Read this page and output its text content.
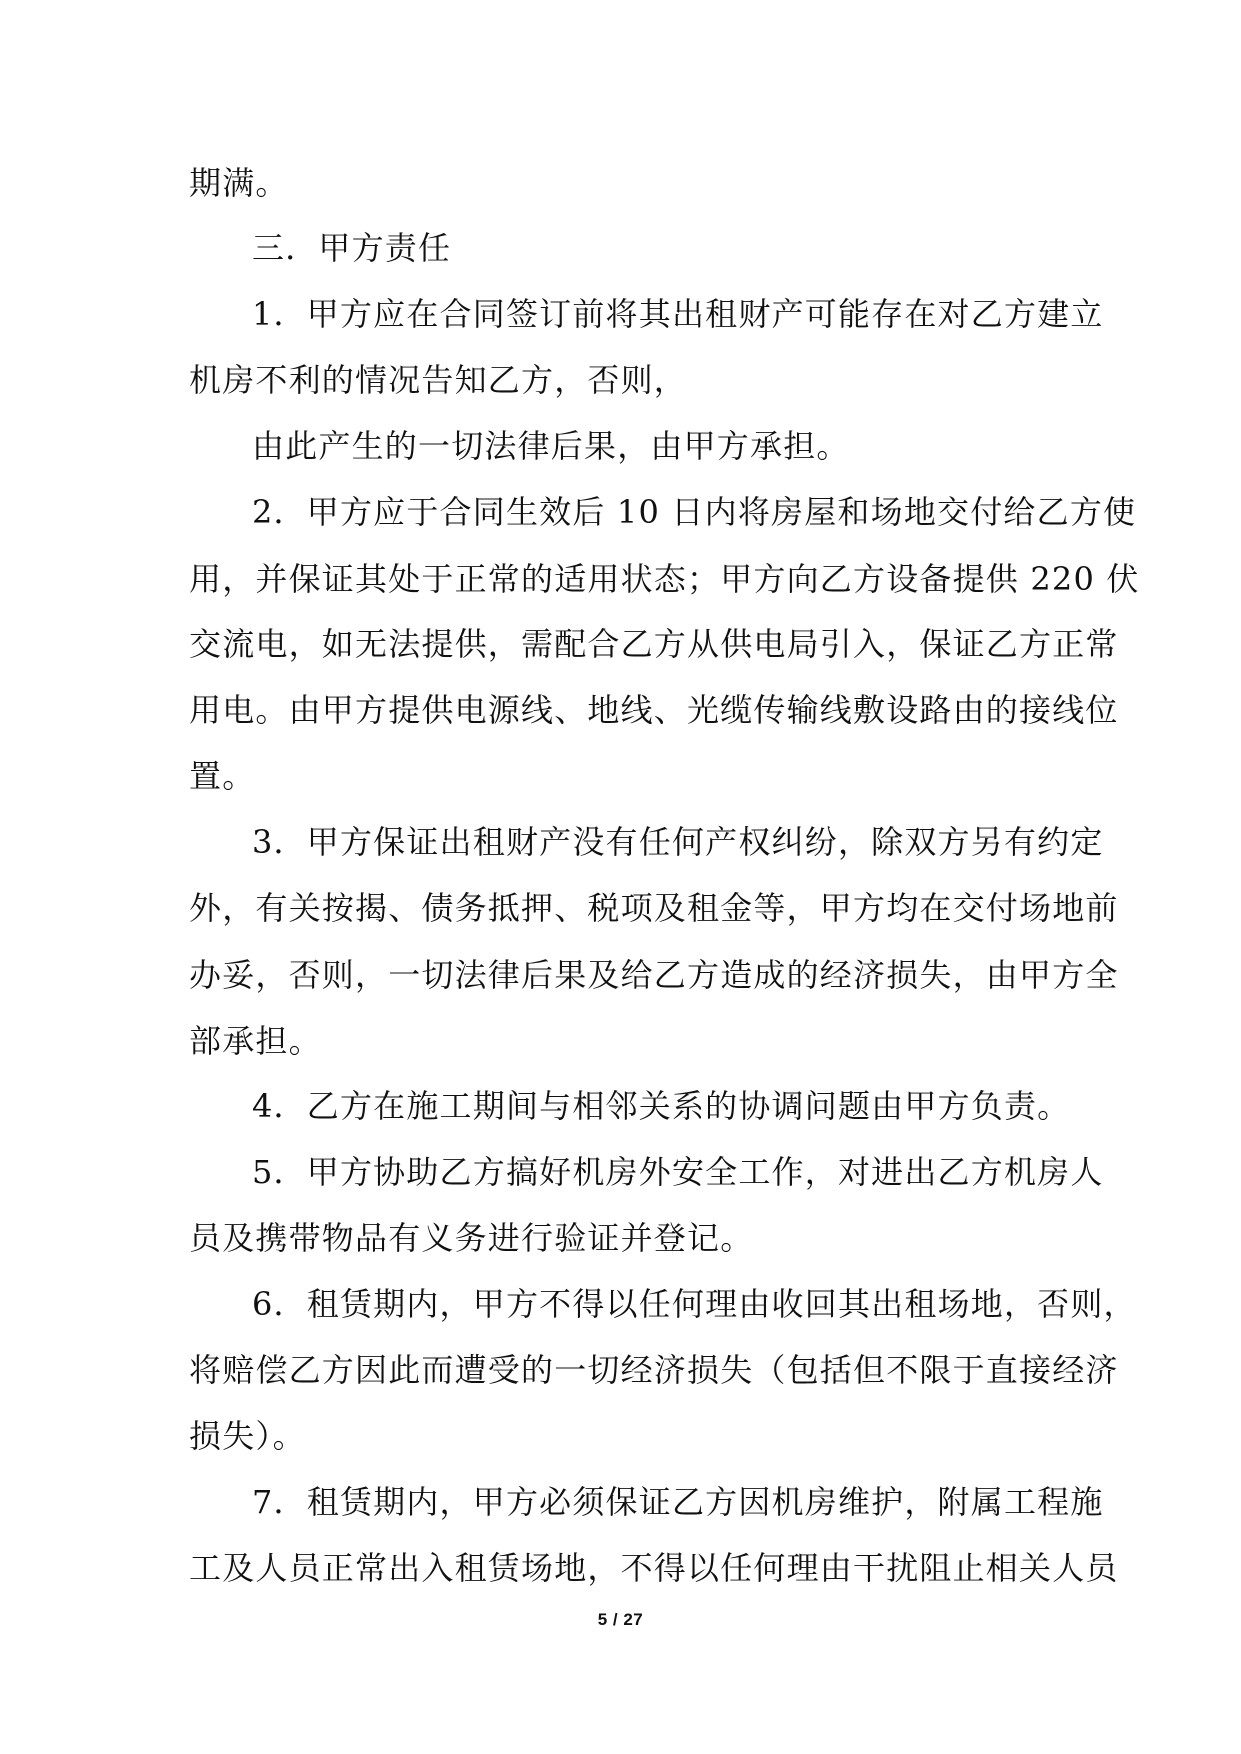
期满。
三．甲方责任
1．甲方应在合同签订前将其出租财产可能存在对乙方建立
机房不利的情况告知乙方，否则，
由此产生的一切法律后果，由甲方承担。
2．甲方应于合同生效后 10 日内将房屋和场地交付给乙方使
用，并保证其处于正常的适用状态；甲方向乙方设备提供 220 伏
交流电，如无法提供，需配合乙方从供电局引入，保证乙方正常
用电。由甲方提供电源线、地线、光缆传输线敷设路由的接线位
置。
3．甲方保证出租财产没有任何产权纠纷，除双方另有约定
外，有关按揭、债务抵押、税项及租金等，甲方均在交付场地前
办妥，否则，一切法律后果及给乙方造成的经济损失，由甲方全
部承担。
4．乙方在施工期间与相邻关系的协调问题由甲方负责。
5．甲方协助乙方搞好机房外安全工作，对进出乙方机房人
员及携带物品有义务进行验证并登记。
6．租赁期内，甲方不得以任何理由收回其出租场地，否则，
将赔偿乙方因此而遭受的一切经济损失（包括但不限于直接经济
损失）。
7．租赁期内，甲方必须保证乙方因机房维护，附属工程施
工及人员正常出入租赁场地，不得以任何理由干扰阻止相关人员
5 / 27
